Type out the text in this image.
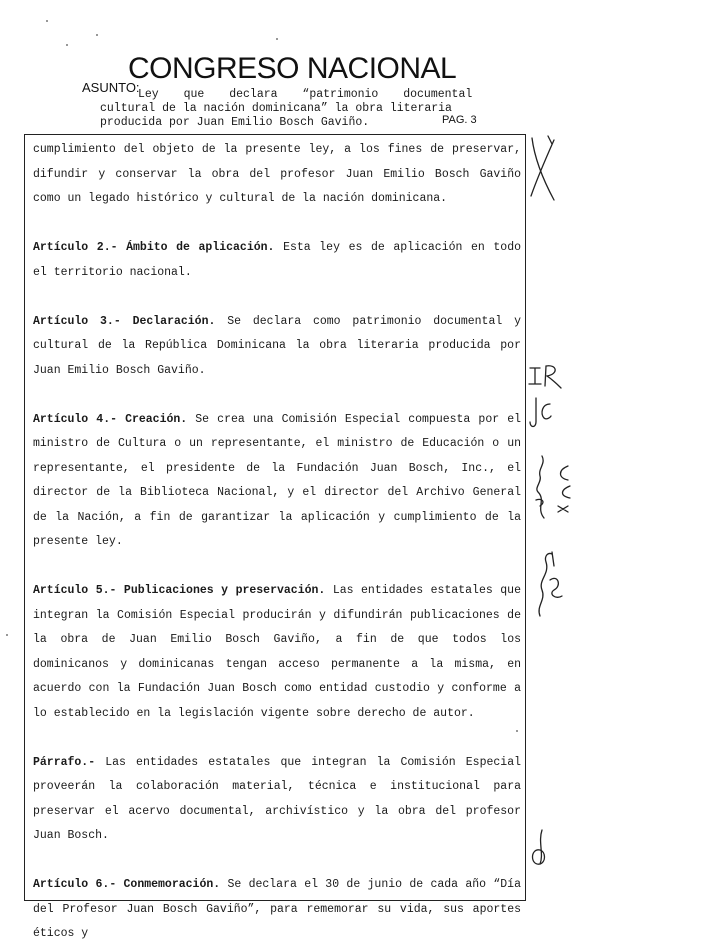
CONGRESO NACIONAL
ASUNTO:
Ley que declara “patrimonio documental
cultural de la nación dominicana” la obra literaria
producida por Juan Emilio Bosch Gaviño.	PAG. 3

cumplimiento del objeto de la presente ley, a los fines de preservar, difundir y conservar la obra del profesor Juan Emilio Bosch Gaviño como un legado histórico y cultural de la nación dominicana.

Artículo 2.- Ámbito de aplicación. Esta ley es de aplicación en todo el territorio nacional.

Artículo 3.- Declaración. Se declara como patrimonio documental y cultural de la República Dominicana la obra literaria producida por Juan Emilio Bosch Gaviño.

Artículo 4.- Creación. Se crea una Comisión Especial compuesta por el ministro de Cultura o un representante, el ministro de Educación o un representante, el presidente de la Fundación Juan Bosch, Inc., el director de la Biblioteca Nacional, y el director del Archivo General de la Nación, a fin de garantizar la aplicación y cumplimiento de la presente ley.

Artículo 5.- Publicaciones y preservación. Las entidades estatales que integran la Comisión Especial producirán y difundirán publicaciones de la obra de Juan Emilio Bosch Gaviño, a fin de que todos los dominicanos y dominicanas tengan acceso permanente a la misma, en acuerdo con la Fundación Juan Bosch como entidad custodio y conforme a lo establecido en la legislación vigente sobre derecho de autor.

Párrafo.- Las entidades estatales que integran la Comisión Especial proveerán la colaboración material, técnica e institucional para preservar el acervo documental, archivístico y la obra del profesor Juan Bosch.

Artículo 6.- Conmemoración. Se declara el 30 de junio de cada año “Día del Profesor Juan Bosch Gaviño”, para rememorar su vida, sus aportes éticos y
